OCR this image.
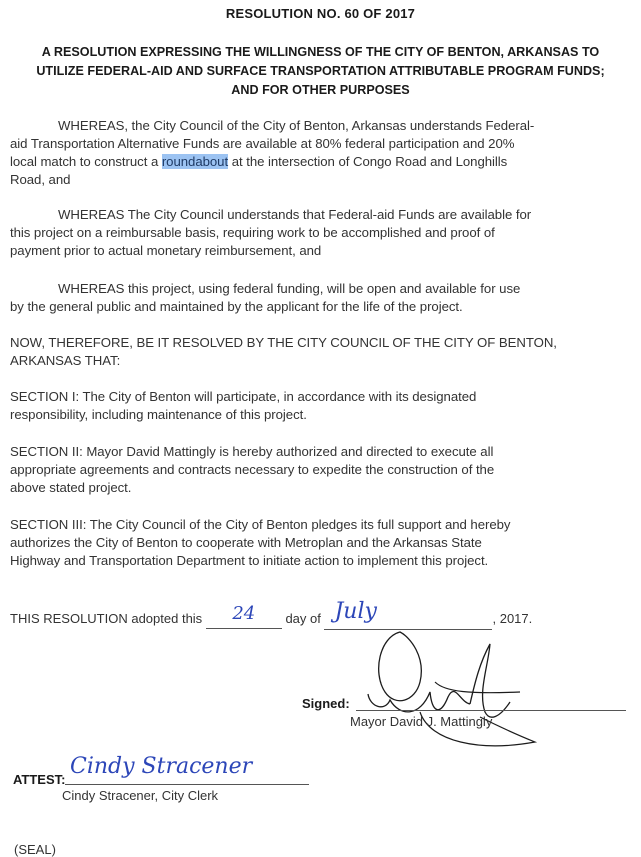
RESOLUTION NO. 60 OF 2017
A RESOLUTION EXPRESSING THE WILLINGNESS OF THE CITY OF BENTON, ARKANSAS TO
UTILIZE FEDERAL-AID AND SURFACE TRANSPORTATION ATTRIBUTABLE PROGRAM FUNDS;
AND FOR OTHER PURPOSES
WHEREAS, the City Council of the City of Benton, Arkansas understands Federal-
aid Transportation Alternative Funds are available at 80% federal participation and 20%
local match to construct a roundabout at the intersection of Congo Road and Longhills
Road, and
WHEREAS The City Council understands that Federal-aid Funds are available for
this project on a reimbursable basis, requiring work to be accomplished and proof of
payment prior to actual monetary reimbursement, and
WHEREAS this project, using federal funding, will be open and available for use
by the general public and maintained by the applicant for the life of the project.
NOW, THEREFORE, BE IT RESOLVED BY THE CITY COUNCIL OF THE CITY OF BENTON,
ARKANSAS THAT:
SECTION I: The City of Benton will participate, in accordance with its designated
responsibility, including maintenance of this project.
SECTION II: Mayor David Mattingly is hereby authorized and directed to execute all
appropriate agreements and contracts necessary to expedite the construction of the
above stated project.
SECTION III: The City Council of the City of Benton pledges its full support and hereby
authorizes the City of Benton to cooperate with Metroplan and the Arkansas State
Highway and Transportation Department to initiate action to implement this project.
THIS RESOLUTION adopted this 24 day of July	, 2017.
Signed:
Mayor David J. Mattingly
ATTEST:
Cindy Stracener
Cindy Stracener, City Clerk
(SEAL)
